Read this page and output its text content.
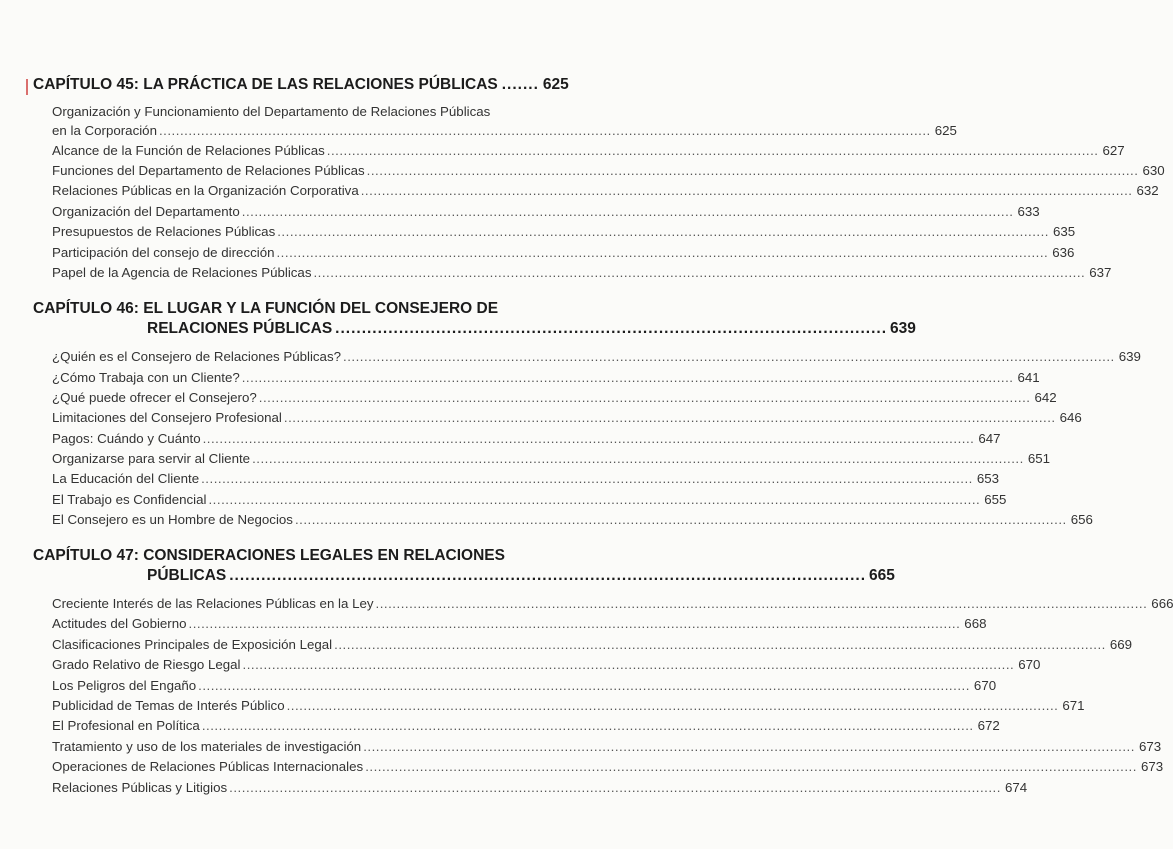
CAPÍTULO 45: LA PRÁCTICA DE LAS RELACIONES PÚBLICAS ....... 625
Organización y Funcionamiento del Departamento de Relaciones Públicas
en la Corporación ........................................................................................................................................................................................ 625
Alcance de la Función de Relaciones Públicas ........................................................................................................................................................................................ 627
Funciones del Departamento de Relaciones Públicas ........................................................................................................................................................................................ 630
Relaciones Públicas en la Organización Corporativa ........................................................................................................................................................................................ 632
Organización del Departamento ........................................................................................................................................................................................ 633
Presupuestos de Relaciones Públicas ........................................................................................................................................................................................ 635
Participación del consejo de dirección ........................................................................................................................................................................................ 636
Papel de la Agencia de Relaciones Públicas ........................................................................................................................................................................................ 637
CAPÍTULO 46: EL LUGAR Y LA FUNCIÓN DEL CONSEJERO DE
RELACIONES PÚBLICAS ........................................................................................................ 639
¿Quién es el Consejero de Relaciones Públicas? ........................................................................................................................................................................................ 639
¿Cómo Trabaja con un Cliente? ........................................................................................................................................................................................ 641
¿Qué puede ofrecer el Consejero? ........................................................................................................................................................................................ 642
Limitaciones del Consejero Profesional ........................................................................................................................................................................................ 646
Pagos: Cuándo y Cuánto ........................................................................................................................................................................................ 647
Organizarse para servir al Cliente ........................................................................................................................................................................................ 651
La Educación del Cliente ........................................................................................................................................................................................ 653
El Trabajo es Confidencial ........................................................................................................................................................................................ 655
El Consejero es un Hombre de Negocios ........................................................................................................................................................................................ 656
CAPÍTULO 47: CONSIDERACIONES LEGALES EN RELACIONES
PÚBLICAS ........................................................................................................................ 665
Creciente Interés de las Relaciones Públicas en la Ley ........................................................................................................................................................................................ 666
Actitudes del Gobierno ........................................................................................................................................................................................ 668
Clasificaciones Principales de Exposición Legal ........................................................................................................................................................................................ 669
Grado Relativo de Riesgo Legal ........................................................................................................................................................................................ 670
Los Peligros del Engaño ........................................................................................................................................................................................ 670
Publicidad de Temas de Interés Público ........................................................................................................................................................................................ 671
El Profesional en Política ........................................................................................................................................................................................ 672
Tratamiento y uso de los materiales de investigación ........................................................................................................................................................................................ 673
Operaciones de Relaciones Públicas Internacionales ........................................................................................................................................................................................ 673
Relaciones Públicas y Litigios ........................................................................................................................................................................................ 674
